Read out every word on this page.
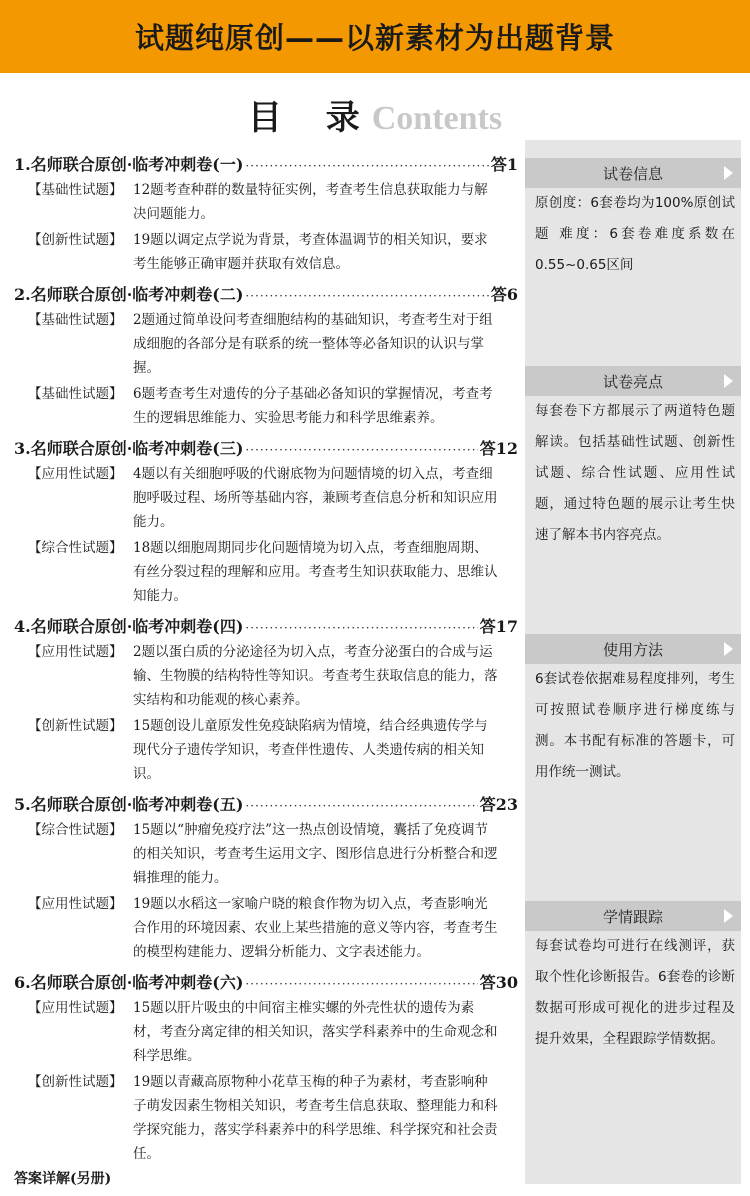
试题纯原创——以新素材为出题背景
目 录Contents
1.名师联合原创·临考冲刺卷(一) ·····	答1
【基础性试题】 12题考查种群的数量特征实例，考查考生信息获取能力与解决问题能力。
【创新性试题】 19题以调定点学说为背景，考查体温调节的相关知识，要求考生能够正确审题并获取有效信息。
2.名师联合原创·临考冲刺卷(二) ·····	答6
【基础性试题】 2题通过简单设问考查细胞结构的基础知识，考查考生对于组成细胞的各部分是有联系的统一整体等必备知识的认识与掌握。
【基础性试题】 6题考查考生对遗传的分子基础必备知识的掌握情况，考查考生的逻辑思维能力、实验思考能力和科学思维素养。
3.名师联合原创·临考冲刺卷(三) ·····	答12
【应用性试题】 4题以有关细胞呼吸的代谢底物为问题情境的切入点，考查细胞呼吸过程、场所等基础内容，兼顾考查信息分析和知识应用能力。
【综合性试题】 18题以细胞周期同步化问题情境为切入点，考查细胞周期、有丝分裂过程的理解和应用。考查考生知识获取能力、思维认知能力。
4.名师联合原创·临考冲刺卷(四) ·····	答17
【应用性试题】 2题以蛋白质的分泌途径为切入点，考查分泌蛋白的合成与运输、生物膜的结构特性等知识。考查考生获取信息的能力，落实结构和功能观的核心素养。
【创新性试题】 15题创设儿童原发性免疫缺陷病为情境，结合经典遗传学与现代分子遗传学知识，考查伴性遗传、人类遗传病的相关知识。
5.名师联合原创·临考冲刺卷(五) ·····	答23
【综合性试题】 15题以“肿瘤免疫疗法”这一热点创设情境，囊括了免疫调节的相关知识，考查考生运用文字、图形信息进行分析整合和逻辑推理的能力。
【应用性试题】 19题以水稻这一家喻户晓的粮食作物为切入点，考查影响光合作用的环境因素、农业上某些措施的意义等内容，考查考生的模型构建能力、逻辑分析能力、文字表述能力。
6.名师联合原创·临考冲刺卷(六) ·····	答30
【应用性试题】 15题以肝片吸虫的中间宿主椎实螺的外壳性状的遗传为素材，考查分离定律的相关知识，落实学科素养中的生命观念和科学思维。
【创新性试题】 19题以青藏高原物种小花草玉梅的种子为素材，考查影响种子萌发因素生物相关知识，考查考生信息获取、整理能力和科学探究能力，落实学科素养中的科学思维、科学探究和社会责任。
答案详解(另册)
试卷信息
原创度：6套卷均为100%原创试题 难度：6套卷难度系数在0.55~0.65区间
试卷亮点
每套卷下方都展示了两道特色题解读。包括基础性试题、创新性试题、综合性试题、应用性试题，通过特色题的展示让考生快速了解本书内容亮点。
使用方法
6套试卷依据难易程度排列，考生可按照试卷顺序进行梯度练与测。本书配有标准的答题卡，可用作统一测试。
学情跟踪
每套试卷均可进行在线测评，获取个性化诊断报告。6套卷的诊断数据可形成可视化的进步过程及提升效果，全程跟踪学情数据。
